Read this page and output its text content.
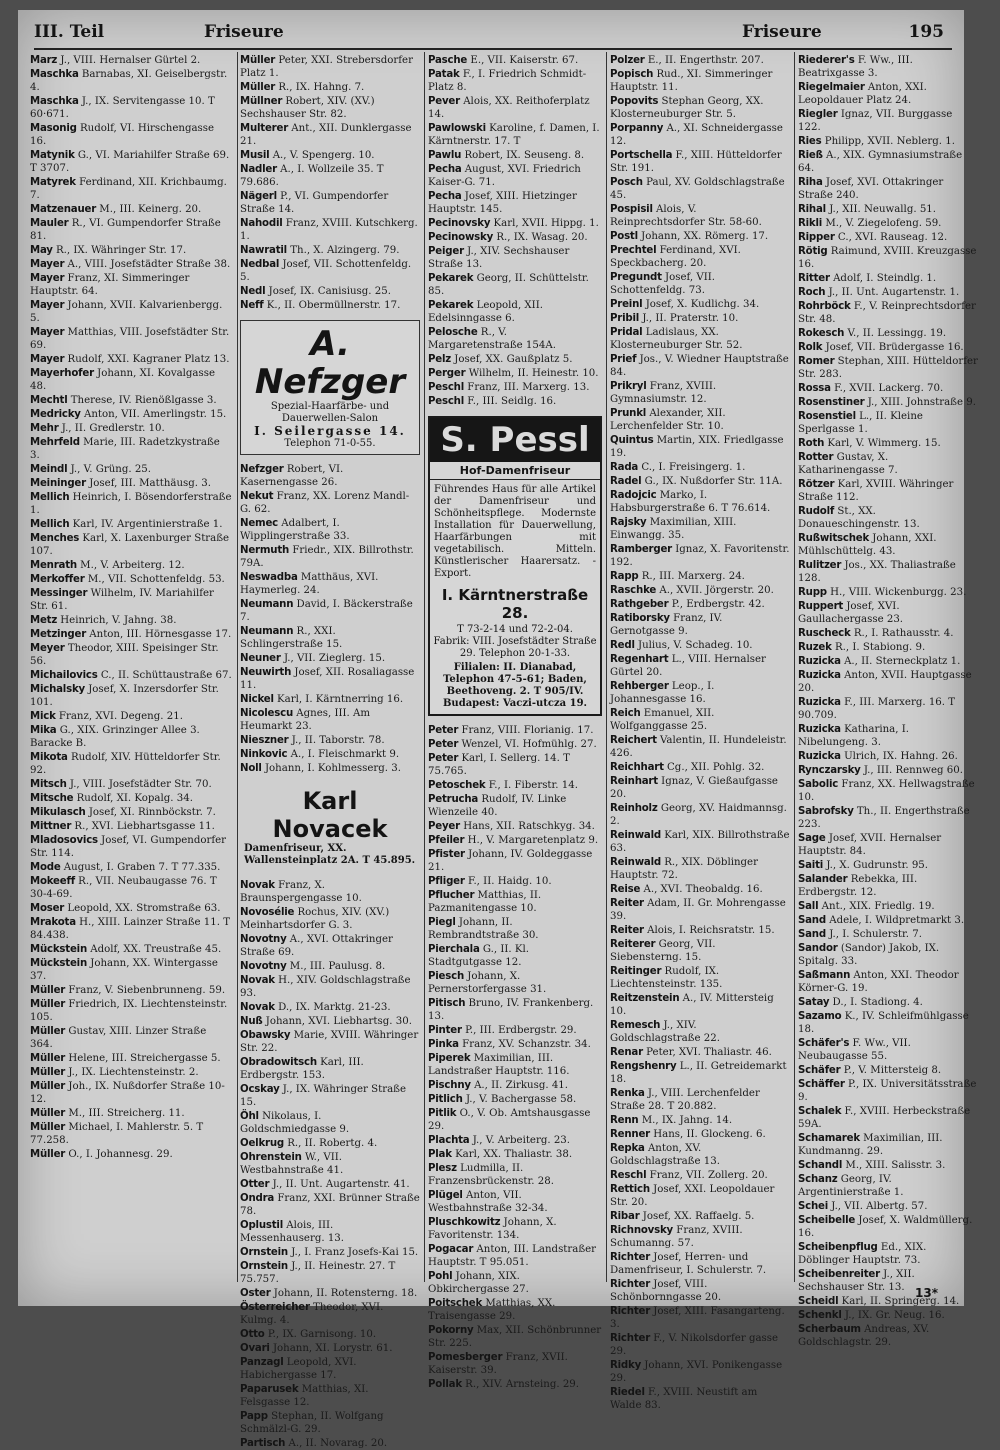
III. Teil	Friseure	Friseure	195
Marz J., VIII. Hernalser Gürtel 2.
Maschka Barnabas, XI. Geiselbergstr. 4.
Maschka J., IX. Servitengasse 10. T 60·671.
Masonig Rudolf, VI. Hirschengasse 16.
Matynik G., VI. Mariahilfer Straße 69. T 3707.
Matyrek Ferdinand, XII. Krichbaumg. 7.
Matzenauer M., III. Keinerg. 20.
Mauler R., VI. Gumpendorfer Straße 81.
May R., IX. Währinger Str. 17.
Mayer A., VIII. Josefstädter Straße 38.
Mayer Franz, XI. Simmeringer Hauptstr. 64.
Mayer Johann, XVII. Kalvarienbergg. 5.
Mayer Matthias, VIII. Josefstädter Str. 69.
Mayer Rudolf, XXI. Kagraner Platz 13.
Mayerhofer Johann, XI. Kovalgasse 48.
Mechtl Therese, IV. Rienößlgasse 3.
Medricky Anton, VII. Amerlingstr. 15.
Mehr J., II. Gredlerstr. 10.
Mehrfeld Marie, III. Radetzkystraße 3.
Meindl J., V. Grüng. 25.
Meininger Josef, III. Matthäusg. 3.
Mellich Heinrich, I. Bösendorferstraße 1.
Mellich Karl, IV. Argentinierstraße 1.
Menches Karl, X. Laxenburger Straße 107.
Menrath M., V. Arbeiterg. 12.
Merkoffer M., VII. Schottenfeldg. 53.
Messinger Wilhelm, IV. Mariahilfer Str. 61.
Metz Heinrich, V. Jahng. 38.
Metzinger Anton, III. Hörnesgasse 17.
Meyer Theodor, XIII. Speisinger Str. 56.
Michailovics C., II. Schüttaustraße 67.
Michalsky Josef, X. Inzersdorfer Str. 101.
Mick Franz, XVI. Degeng. 21.
Mika G., XIX. Grinzinger Allee 3. Baracke B.
Mikota Rudolf, XIV. Hütteldorfer Str. 92.
Mitsch J., VIII. Josefstädter Str. 70.
Mitsche Rudolf, XI. Kopalg. 34.
Mikulasch Josef, XI. Rinnböckstr. 7.
Mittner R., XVI. Liebhartsgasse 11.
Mladosovics Josef, VI. Gumpendorfer Str. 114.
Mode August, I. Graben 7. T 77.335.
Mokeeff R., VII. Neubaugasse 76. T 30-4-69.
Moser Leopold, XX. Stromstraße 63.
Mrakota H., XIII. Lainzer Straße 11. T 84.438.
Mückstein Adolf, XX. Treustraße 45.
Mückstein Johann, XX. Wintergasse 37.
Müller Franz, V. Siebenbrunneng. 59.
Müller Friedrich, IX. Liechtensteinstr. 105.
Müller Gustav, XIII. Linzer Straße 364.
Müller Helene, III. Streichergasse 5.
Müller J., IX. Liechtensteinstr. 2.
Müller Joh., IX. Nußdorfer Straße 10-12.
Müller M., III. Streicherg. 11.
Müller Michael, I. Mahlerstr. 5. T 77.258.
Müller O., I. Johannesg. 29.
Müller Peter, XXI. Strebersdorfer Platz 1.
Müller R., IX. Hahng. 7.
Müllner Robert, XIV. (XV.) Sechshauser Str. 82.
Multerer Ant., XII. Dunklergasse 21.
Musil A., V. Spengerg. 10.
Nadler A., I. Wollzeile 35. T 79.686.
Nägerl P., VI. Gumpendorfer Straße 14.
Nahodil Franz, XVIII. Kutschkerg. 1.
Nawratil Th., X. Alzingerg. 79.
Nedbal Josef, VII. Schottenfeldg. 5.
Nedl Josef, IX. Canisiusg. 25.
Neff K., II. Obermüllnerstr. 17.
A. Nefzger
Spezial-Haarfärbe- und
Dauerwellen-Salon
I. Seilergasse 14.
Telephon 71-0-55.
Nefzger Robert, VI. Kasernengasse 26.
Nekut Franz, XX. Lorenz Mandl-G. 62.
Nemec Adalbert, I. Wipplingerstraße 33.
Nermuth Friedr., XIX. Billrothstr. 79A.
Neswadba Matthäus, XVI. Haymerleg. 24.
Neumann David, I. Bäckerstraße 7.
Neumann R., XXI. Schlingerstraße 15.
Neuner J., VII. Zieglerg. 15.
Neuwirth Josef, XII. Rosaliagasse 11.
Nickel Karl, I. Kärntnerring 16.
Nicolescu Agnes, III. Am Heumarkt 23.
Nieszner J., II. Taborstr. 78.
Ninkovic A., I. Fleischmarkt 9.
Noll Johann, I. Kohlmesserg. 3.
Karl Novacek
Damenfriseur, XX. Wallensteinplatz 2A. T 45.895.
Novak Franz, X. Braunspergengasse 10.
Novosélie Rochus, XIV. (XV.) Meinhartsdorfer G. 3.
Novotny A., XVI. Ottakringer Straße 69.
Novotny M., III. Paulusg. 8.
Novak H., XIV. Goldschlagstraße 93.
Novak D., IX. Marktg. 21-23.
Nuß Johann, XVI. Liebhartsg. 30.
Obawsky Marie, XVIII. Währinger Str. 22.
Obradowitsch Karl, III. Erdbergstr. 153.
Ocskay J., IX. Währinger Straße 15.
Öhl Nikolaus, I. Goldschmiedgasse 9.
Oelkrug R., II. Robertg. 4.
Ohrenstein W., VII. Westbahnstraße 41.
Otter J., II. Unt. Augartenstr. 41.
Ondra Franz, XXI. Brünner Straße 78.
Oplustil Alois, III. Messenhauserg. 13.
Ornstein J., I. Franz Josefs-Kai 15.
Ornstein J., II. Heinestr. 27. T 75.757.
Oster Johann, II. Rotensterng. 18.
Österreicher Theodor, XVI. Kulmg. 4.
Otto P., IX. Garnisong. 10.
Ovari Johann, XI. Lorystr. 61.
Panzagl Leopold, XVI. Habichergasse 17.
Paparusek Matthias, XI. Felsgasse 12.
Papp Stephan, II. Wolfgang Schmälzl-G. 29.
Partisch A., II. Novarag. 20.
Pasche E., VII. Kaiserstr. 67.
Patak F., I. Friedrich Schmidt-Platz 8.
Pever Alois, XX. Reithoferplatz 14.
Pawlowski Karoline, f. Damen, I. Kärntnerstr. 17. T
Pawlu Robert, IX. Seuseng. 8.
Pecha August, XVI. Friedrich Kaiser-G. 71.
Pecha Josef, XIII. Hietzinger Hauptstr. 145.
Pecinovsky Karl, XVII. Hippg. 1.
Pecinowsky R., IX. Wasag. 20.
Peiger J., XIV. Sechshauser Straße 13.
Pekarek Georg, II. Schüttelstr. 85.
Pekarek Leopold, XII. Edelsinngasse 6.
Pelosche R., V. Margaretenstraße 154A.
Pelz Josef, XX. Gaußplatz 5.
Perger Wilhelm, II. Heinestr. 10.
Peschl Franz, III. Marxerg. 13.
Peschl F., III. Seidlg. 16.
S. Pessl
Hof-Damenfriseur
Führendes Haus für alle Artikel der Damenfriseur und Schönheitspflege. Modernste Installation für Dauerwellung, Haarfärbungen mit vegetabilisch. Mitteln. Künstlerischer Haarersatz. - Export.
I. Kärntnerstraße 28.
T 73-2-14 und 72-2-04.
Fabrik: VIII. Josefstädter Straße 29. Telephon 20-1-33.
Filialen: II. Dianabad, Telephon 47-5-61; Baden, Beethoveng. 2. T 905/IV. Budapest: Vaczi-utcza 19.
Peter Franz, VIII. Florianig. 17.
Peter Wenzel, VI. Hofmühlg. 27.
Peter Karl, I. Sellerg. 14. T 75.765.
Petoschek F., I. Fiberstr. 14.
Petrucha Rudolf, IV. Linke Wienzeile 40.
Peyer Hans, XII. Ratschkyg. 34.
Pfeiler H., V. Margaretenplatz 9.
Pfister Johann, IV. Goldeggasse 21.
Pfliger F., II. Haidg. 10.
Pflucher Matthias, II. Pazmanitengasse 10.
Piegl Johann, II. Rembrandtstraße 30.
Pierchala G., II. Kl. Stadtgutgasse 12.
Piesch Johann, X. Pernerstorfergasse 31.
Pitisch Bruno, IV. Frankenberg. 13.
Pinter P., III. Erdbergstr. 29.
Pinka Franz, XV. Schanzstr. 34.
Piperek Maximilian, III. Landstraßer Hauptstr. 116.
Pischny A., II. Zirkusg. 41.
Pitlich J., V. Bachergasse 58.
Pitlik O., V. Ob. Amtshausgasse 29.
Plachta J., V. Arbeiterg. 23.
Plak Karl, XX. Thaliastr. 38.
Plesz Ludmilla, II. Franzensbrückenstr. 28.
Plügel Anton, VII. Westbahnstraße 32-34.
Pluschkowitz Johann, X. Favoritenstr. 134.
Pogacar Anton, III. Landstraßer Hauptstr. T 95.051.
Pohl Johann, XIX. Obkirchergasse 27.
Poitschek Matthias, XX. Traisengasse 29.
Pokorny Max, XII. Schönbrunner Str. 225.
Pomesberger Franz, XVII. Kaiserstr. 39.
Pollak R., XIV. Arnsteing. 29.
Polzer E., II. Engerthstr. 207.
Popisch Rud., XI. Simmeringer Hauptstr. 11.
Popovits Stephan Georg, XX. Klosterneuburger Str. 5.
Porpanny A., XI. Schneidergasse 12.
Portschella F., XIII. Hütteldorfer Str. 191.
Posch Paul, XV. Goldschlagstraße 45.
Pospisil Alois, V. Reinprechtsdorfer Str. 58-60.
Postl Johann, XX. Römerg. 17.
Prechtel Ferdinand, XVI. Speckbacherg. 20.
Pregundt Josef, VII. Schottenfeldg. 73.
Preinl Josef, X. Kudlichg. 34.
Pribil J., II. Praterstr. 10.
Pridal Ladislaus, XX. Klosterneuburger Str. 52.
Prief Jos., V. Wiedner Hauptstraße 84.
Prikryl Franz, XVIII. Gymnasiumstr. 12.
Prunkl Alexander, XII. Lerchenfelder Str. 10.
Quintus Martin, XIX. Friedlgasse 19.
Rada C., I. Freisingerg. 1.
Radel G., IX. Nußdorfer Str. 11A.
Radojcic Marko, I. Habsburgerstraße 6. T 76.614.
Rajsky Maximilian, XIII. Einwangg. 35.
Ramberger Ignaz, X. Favoritenstr. 192.
Rapp R., III. Marxerg. 24.
Raschke A., XVII. Jörgerstr. 20.
Rathgeber P., Erdbergstr. 42.
Ratiborsky Franz, IV. Gernotgasse 9.
Redl Julius, V. Schadeg. 10.
Regenhart L., VIII. Hernalser Gürtel 20.
Rehberger Leop., I. Johannesgasse 16.
Reich Emanuel, XII. Wolfganggasse 25.
Reichert Valentin, II. Hundeleistr. 426.
Reichhart Cg., XII. Pohlg. 32.
Reinhart Ignaz, V. Gießaufgasse 20.
Reinholz Georg, XV. Haidmannsg. 2.
Reinwald Karl, XIX. Billrothstraße 63.
Reinwald R., XIX. Döblinger Hauptstr. 72.
Reise A., XVI. Theobaldg. 16.
Reiter Adam, II. Gr. Mohrengasse 39.
Reiter Alois, I. Reichsratstr. 15.
Reiterer Georg, VII. Siebensterng. 15.
Reitinger Rudolf, IX. Liechtensteinstr. 135.
Reitzenstein A., IV. Mittersteig 10.
Remesch J., XIV. Goldschlagstraße 22.
Renar Peter, XVI. Thaliastr. 46.
Rengshenry L., II. Getreidemarkt 18.
Renka J., VIII. Lerchenfelder Straße 28. T 20.882.
Renn M., IX. Jahng. 14.
Renner Hans, II. Glockeng. 6.
Repka Anton, XV. Goldschlagstraße 13.
Reschl Franz, VII. Zollerg. 20.
Rettich Josef, XXI. Leopoldauer Str. 20.
Ribar Josef, XX. Raffaelg. 5.
Richnovsky Franz, XVIII. Schumanng. 57.
Richter Josef, Herren- und Damenfriseur, I. Schulerstr. 7.
Richter Josef, VIII. Schönbornngasse 20.
Richter Josef, XIII. Fasangarteng. 3.
Richter F., V. Nikolsdorfer gasse 29.
Ridky Johann, XVI. Ponikengasse 29.
Riedel F., XVIII. Neustift am Walde 83.
Riederer's F. Ww., III. Beatrixgasse 3.
Riegelmaier Anton, XXI. Leopoldauer Platz 24.
Riegler Ignaz, VII. Burggasse 122.
Ries Philipp, XVII. Neblerg. 1.
Rieß A., XIX. Gymnasiumstraße 64.
Riha Josef, XVI. Ottakringer Straße 240.
Rihal J., XII. Neuwallg. 51.
Rikli M., V. Ziegelofeng. 59.
Ripper C., XVI. Rauseag. 12.
Rötig Raimund, XVIII. Kreuzgasse 16.
Ritter Adolf, I. Steindlg. 1.
Roch J., II. Unt. Augartenstr. 1.
Rohrböck F., V. Reinprechtsdorfer Str. 48.
Rokesch V., II. Lessingg. 19.
Rolk Josef, VII. Brüdergasse 16.
Romer Stephan, XIII. Hütteldorfer Str. 283.
Rossa F., XVII. Lackerg. 70.
Rosenstiner J., XIII. Johnstraße 9.
Rosenstiel L., II. Kleine Sperlgasse 1.
Roth Karl, V. Wimmerg. 15.
Rotter Gustav, X. Katharinengasse 7.
Rötzer Karl, XVIII. Währinger Straße 112.
Rudolf St., XX. Donaueschingenstr. 13.
Rußwitschek Johann, XXI. Mühlschüttelg. 43.
Rulitzer Jos., XX. Thaliastraße 128.
Rupp H., VIII. Wickenburgg. 23.
Ruppert Josef, XVI. Gaullachergasse 23.
Ruscheck R., I. Rathausstr. 4.
Ruzek R., I. Stabiong. 9.
Ruzicka A., II. Sterneckplatz 1.
Ruzicka Anton, XVII. Hauptgasse 20.
Ruzicka F., III. Marxerg. 16. T 90.709.
Ruzicka Katharina, I. Nibelungeng. 3.
Ruzicka Ulrich, IX. Hahng. 26.
Rynczarsky J., III. Rennweg 60.
Sabolic Franz, XX. Hellwagstraße 10.
Sabrofsky Th., II. Engerthstraße 223.
Sage Josef, XVII. Hernalser Hauptstr. 84.
Saiti J., X. Gudrunstr. 95.
Salander Rebekka, III. Erdbergstr. 12.
Sall Ant., XIX. Friedlg. 19.
Sand Adele, I. Wildpretmarkt 3.
Sand J., I. Schulerstr. 7.
Sandor (Sandor) Jakob, IX. Spitalg. 33.
Saßmann Anton, XXI. Theodor Körner-G. 19.
Satay D., I. Stadiong. 4.
Sazamo K., IV. Schleifmühlgasse 18.
Schäfer's F. Ww., VII. Neubaugasse 55.
Schäfer P., V. Mittersteig 8.
Schäffer P., IX. Universitätsstraße 9.
Schalek F., XVIII. Herbeckstraße 59A.
Schamarek Maximilian, III. Kundmanng. 29.
Schandl M., XIII. Salisstr. 3.
Schanz Georg, IV. Argentinierstraße 1.
Schei J., VII. Albertg. 57.
Scheibelle Josef, X. Waldmüllerg. 16.
Scheibenpflug Ed., XIX. Döblinger Hauptstr. 73.
Scheibenreiter J., XII. Sechshauser Str. 13.
Scheidl Karl, II. Springerg. 14.
Schenkl J., IX. Gr. Neug. 16.
Scherbaum Andreas, XV. Goldschlagstr. 29.
13*
